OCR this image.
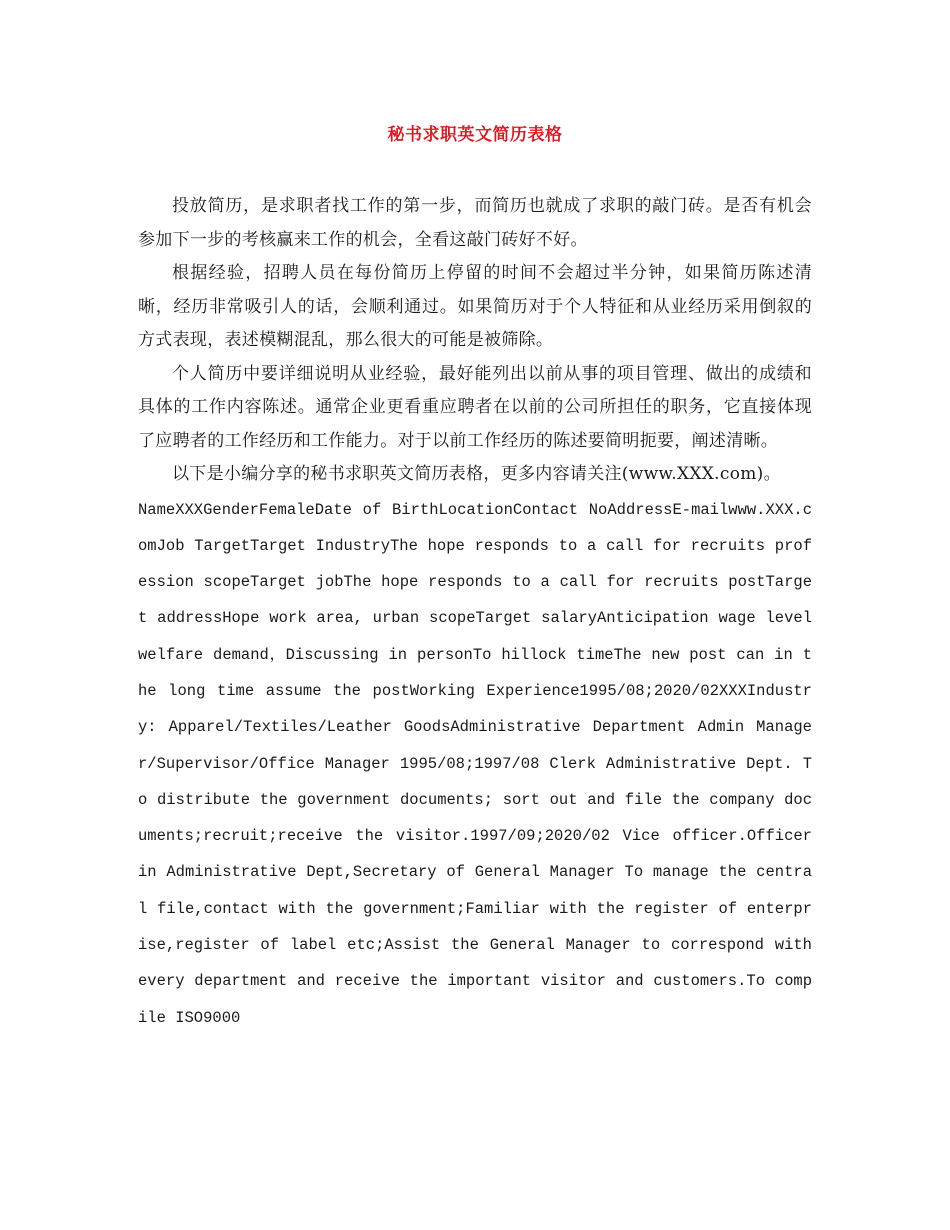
秘书求职英文简历表格

投放简历，是求职者找工作的第一步，而简历也就成了求职的敲门砖。是否有机会参加下一步的考核赢来工作的机会，全看这敲门砖好不好。

根据经验，招聘人员在每份简历上停留的时间不会超过半分钟，如果简历陈述清晰，经历非常吸引人的话，会顺利通过。如果简历对于个人特征和从业经历采用倒叙的方式表现，表述模糊混乱，那么很大的可能是被筛除。

个人简历中要详细说明从业经验，最好能列出以前从事的项目管理、做出的成绩和具体的工作内容陈述。通常企业更看重应聘者在以前的公司所担任的职务，它直接体现了应聘者的工作经历和工作能力。对于以前工作经历的陈述要简明扼要，阐述清晰。

以下是小编分享的秘书求职英文简历表格，更多内容请关注(www.XXX.com)。

NameXXXGenderFemaleDate of BirthLocationContact NoAddressE-mailwww.XXX.comJob TargetTarget IndustryThe hope responds to a call for recruits profession scopeTarget jobThe hope responds to a call for recruits postTarget addressHope work area, urban scopeTarget salaryAnticipation wage level welfare demand，Discussing in personTo hillock timeThe new post can in the long time assume the postWorking Experience1995/08;2020/02XXXIndustry: Apparel/Textiles/Leather GoodsAdministrative Department Admin Manager/Supervisor/Office Manager 1995/08;1997/08 Clerk Administrative Dept. To distribute the government documents; sort out and file the company documents;recruit;receive the visitor.1997/09;2020/02 Vice officer.Officer in Administrative Dept,Secretary of General Manager To manage the central file,contact with the government;Familiar with the register of enterprise,register of label etc;Assist the General Manager to correspond with every department and receive the important visitor and customers.To compile ISO9000
